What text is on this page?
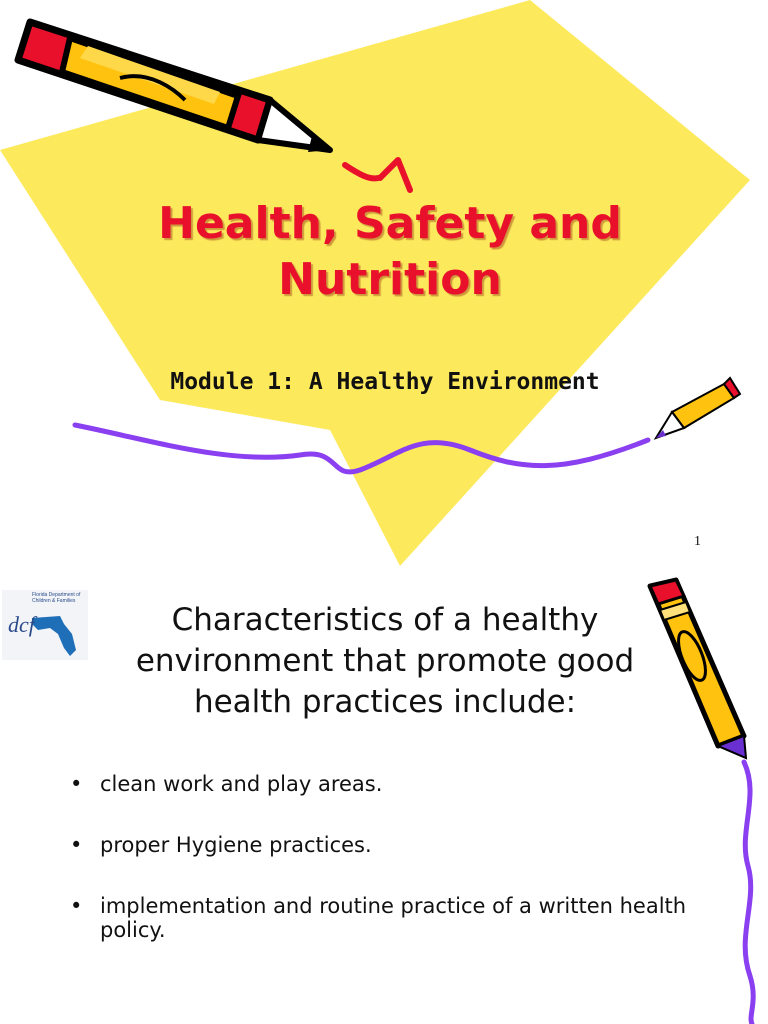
Health, Safety and Nutrition
Module 1: A Healthy Environment
1
dcf
Florida Department of Children & Families
Characteristics of a healthy environment that promote good health practices include:
• clean work and play areas.
• proper Hygiene practices.
• implementation and routine practice of a written health policy.
